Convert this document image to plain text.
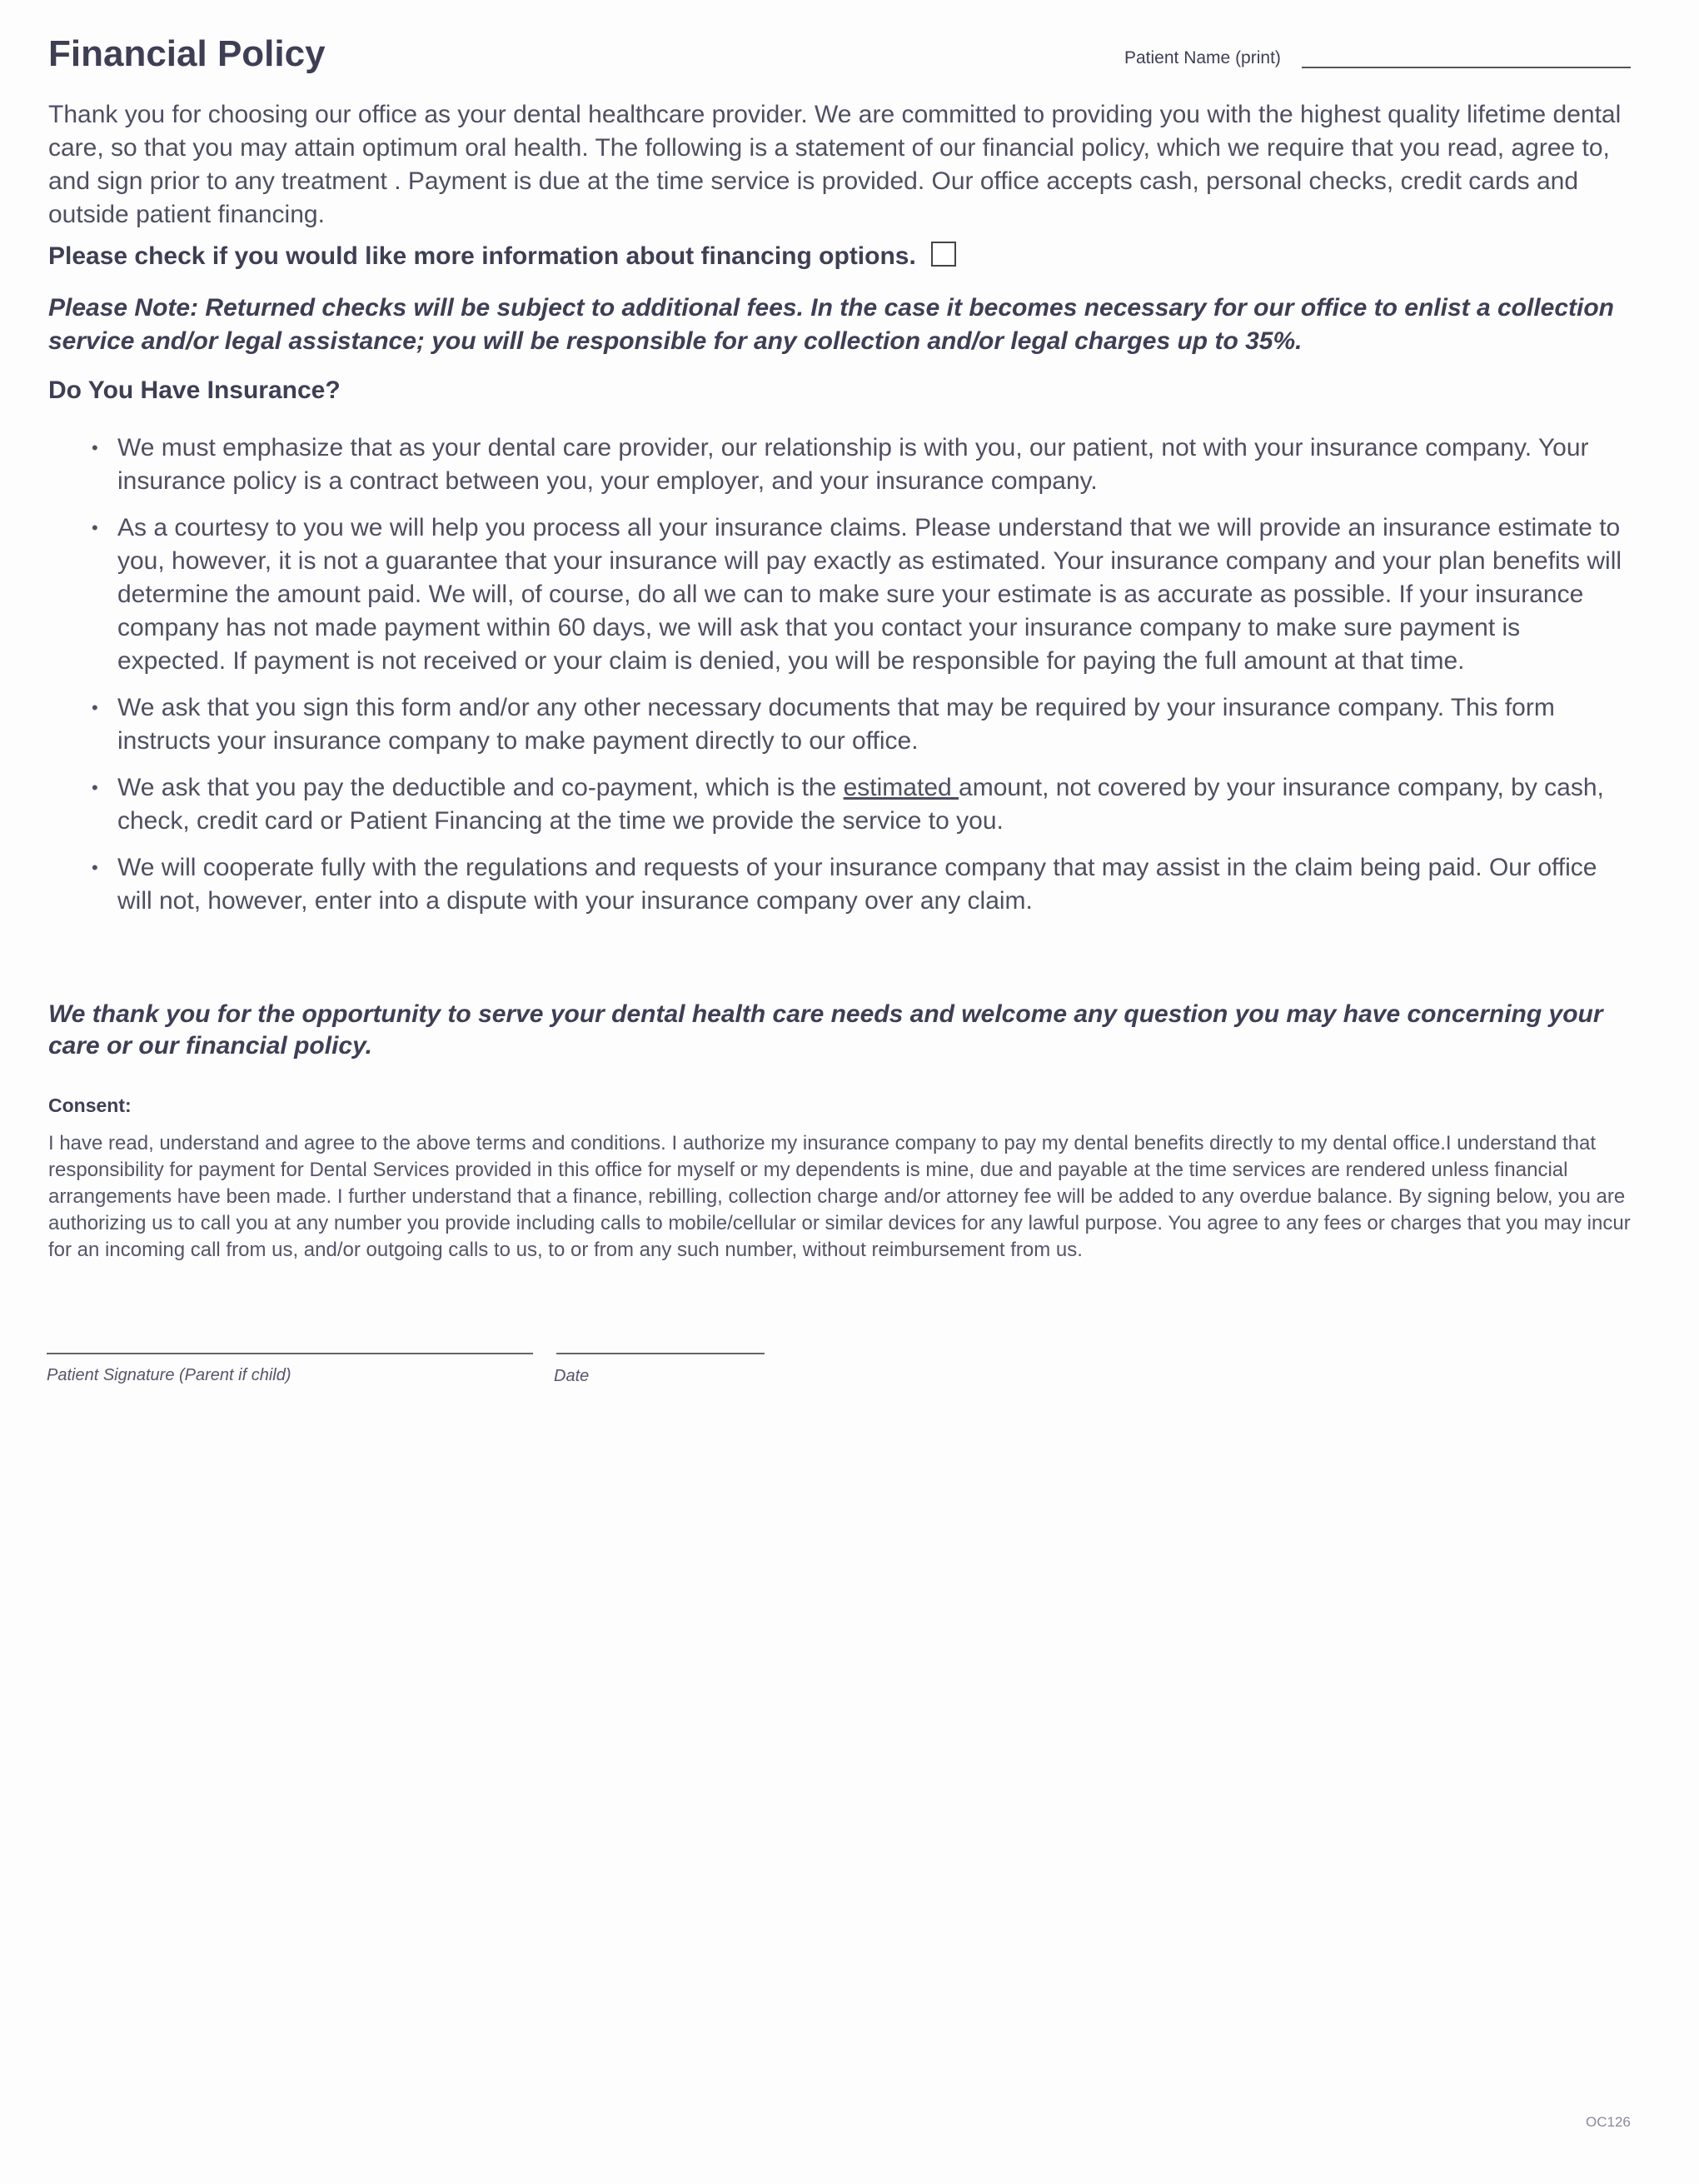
Financial Policy	Patient Name (print)

Thank you for choosing our office as your dental healthcare provider. We are committed to providing you with the highest quality lifetime dental care, so that you may attain optimum oral health. The following is a statement of our financial policy, which we require that you read, agree to, and sign prior to any treatment . Payment is due at the time service is provided. Our office accepts cash, personal checks, credit cards and outside patient financing.

Please check if you would like more information about financing options.

Please Note: Returned checks will be subject to additional fees. In the case it becomes necessary for our office to enlist a collection service and/or legal assistance; you will be responsible for any collection and/or legal charges up to 35%.

Do You Have Insurance?
• We must emphasize that as your dental care provider, our relationship is with you, our patient, not with your insurance company. Your insurance policy is a contract between you, your employer, and your insurance company.
• As a courtesy to you we will help you process all your insurance claims. Please understand that we will provide an insurance estimate to you, however, it is not a guarantee that your insurance will pay exactly as estimated. Your insurance company and your plan benefits will determine the amount paid. We will, of course, do all we can to make sure your estimate is as accurate as possible. If your insurance company has not made payment within 60 days, we will ask that you contact your insurance company to make sure payment is expected. If payment is not received or your claim is denied, you will be responsible for paying the full amount at that time.
• We ask that you sign this form and/or any other necessary documents that may be required by your insurance company. This form instructs your insurance company to make payment directly to our office.
• We ask that you pay the deductible and co-payment, which is the estimated amount, not covered by your insurance company, by cash, check, credit card or Patient Financing at the time we provide the service to you.
• We will cooperate fully with the regulations and requests of your insurance company that may assist in the claim being paid. Our office will not, however, enter into a dispute with your insurance company over any claim.

We thank you for the opportunity to serve your dental health care needs and welcome any question you may have concerning your care or our financial policy.

Consent:

I have read, understand and agree to the above terms and conditions. I authorize my insurance company to pay my dental benefits directly to my dental office.I understand that responsibility for payment for Dental Services provided in this office for myself or my dependents is mine, due and payable at the time services are rendered unless financial arrangements have been made. I further understand that a finance, rebilling, collection charge and/or attorney fee will be added to any overdue balance. By signing below, you are authorizing us to call you at any number you provide including calls to mobile/cellular or similar devices for any lawful purpose. You agree to any fees or charges that you may incur for an incoming call from us, and/or outgoing calls to us, to or from any such number, without reimbursement from us.

Patient Signature (Parent if child)	Date
OC126
